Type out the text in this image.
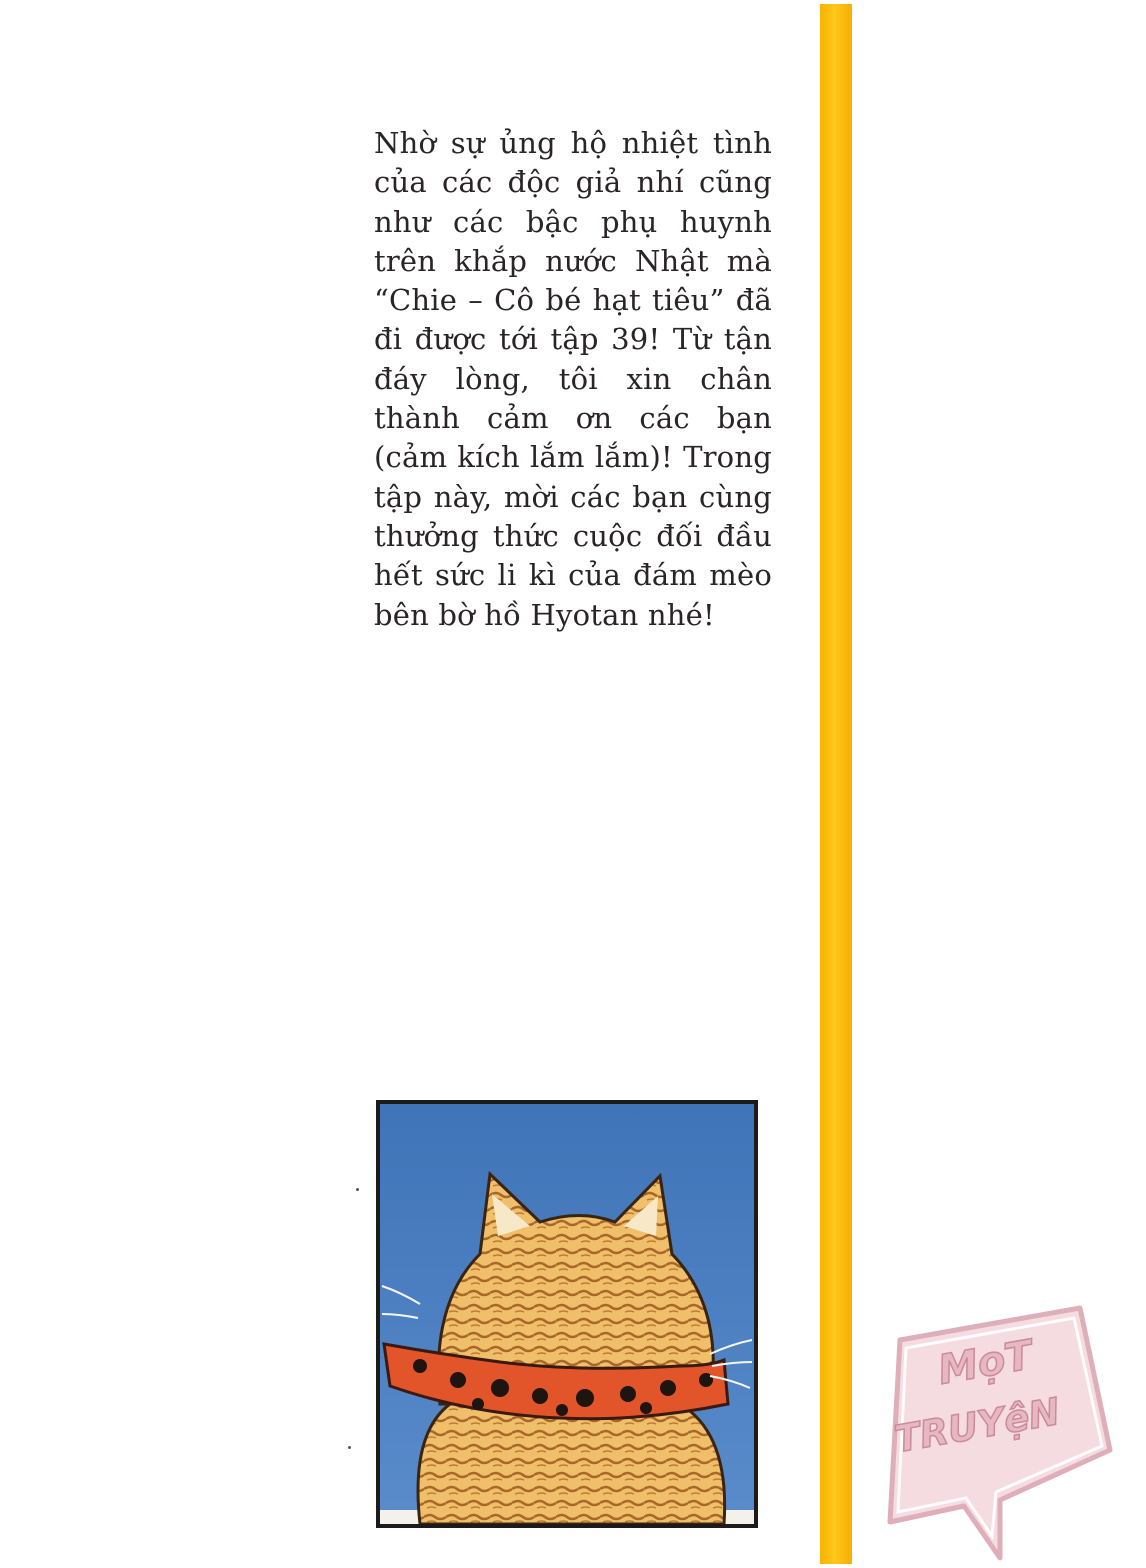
Nhờ sự ủng hộ nhiệt tình của các độc giả nhí cũng như các bậc phụ huynh trên khắp nước Nhật mà “Chie – Cô bé hạt tiêu” đã đi được tới tập 39! Từ tận đáy lòng, tôi xin chân thành cảm ơn các bạn (cảm kích lắm lắm)! Trong tập này, mời các bạn cùng thưởng thức cuộc đối đầu hết sức li kì của đám mèo bên bờ hồ Hyotan nhé!
MọT
TRUYệN
